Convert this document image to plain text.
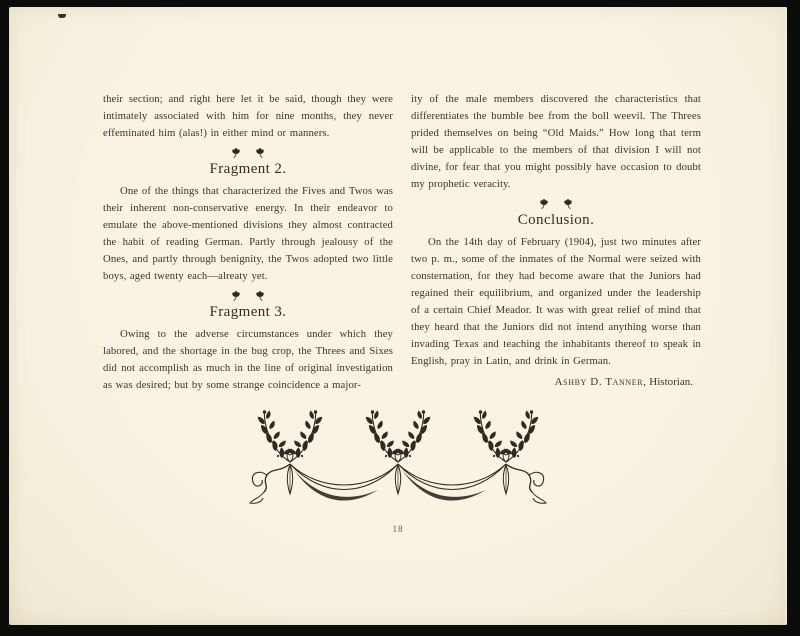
their section; and right here let it be said, though they were intimately associated with him for nine months, they never effeminated him (alas!) in either mind or manners.

Fragment 2.

One of the things that characterized the Fives and Twos was their inherent non-conservative energy. In their endeavor to emulate the above-mentioned divisions they almost contracted the habit of reading German. Partly through jealousy of the Ones, and partly through benignity, the Twos adopted two little boys, aged twenty each—alreaty yet.

Fragment 3.

Owing to the adverse circumstances under which they labored, and the shortage in the bug crop, the Threes and Sixes did not accomplish as much in the line of original investigation as was desired; but by some strange coincidence a major-

ity of the male members discovered the characteristics that differentiates the bumble bee from the boll weevil. The Threes prided themselves on being “Old Maids.” How long that term will be applicable to the members of that division I will not divine, for fear that you might possibly have occasion to doubt my prophetic veracity.

Conclusion.

On the 14th day of February (1904), just two minutes after two p. m., some of the inmates of the Normal were seized with consternation, for they had become aware that the Juniors had regained their equilibrium, and organized under the leadership of a certain Chief Meador. It was with great relief of mind that they heard that the Juniors did not intend anything worse than invading Texas and teaching the inhabitants thereof to speak in English, pray in Latin, and drink in German.

Ashby D. Tanner, Historian.
18
